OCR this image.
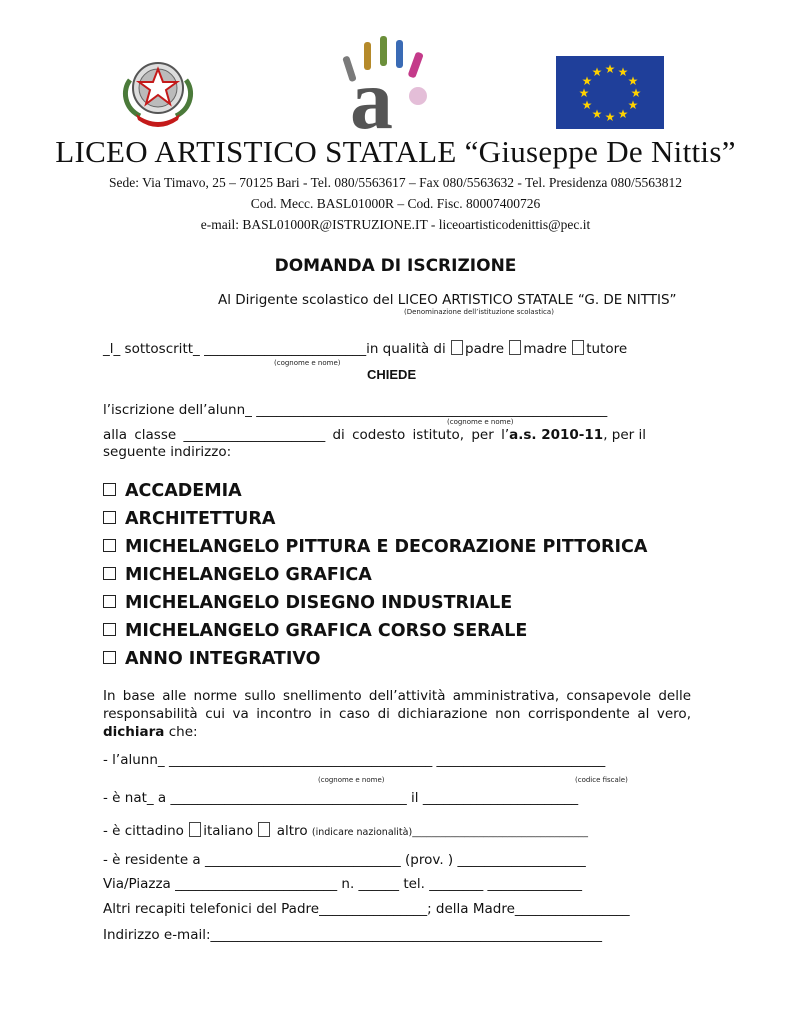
a	★ ★
★
★
★
★
★
★
★
★
★
★
LICEO ARTISTICO STATALE “Giuseppe De Nittis”
Sede: Via Timavo, 25 – 70125 Bari - Tel. 080/5563617 – Fax 080/5563632 - Tel. Presidenza 080/5563812
Cod. Mecc. BASL01000R – Cod. Fisc. 80007400726
e-mail: BASL01000R@ISTRUZIONE.IT - liceoartisticodenittis@pec.it
DOMANDA DI ISCRIZIONE
Al Dirigente scolastico del LICEO ARTISTICO STATALE “G. DE NITTIS”
(Denominazione dell’istituzione scolastica)
_l_ sottoscritt_ ________________________in qualità di padre madre tutore
(cognome e nome)
CHIEDE
l’iscrizione dell’alunn_ ____________________________________________________
(cognome e nome)
alla classe _____________________ di codesto istituto, per l’a.s. 2010-11, per il
seguente indirizzo:
ACCADEMIA
ARCHITETTURA
MICHELANGELO PITTURA E DECORAZIONE PITTORICA
MICHELANGELO GRAFICA
MICHELANGELO DISEGNO INDUSTRIALE
MICHELANGELO GRAFICA CORSO SERALE
ANNO INTEGRATIVO
In base alle norme sullo snellimento dell’attività amministrativa, consapevole delle responsabilità cui va incontro in caso di dichiarazione non corrispondente al vero, dichiara che:
- l’alunn_ _______________________________________ _________________________
(cognome e nome)	(codice fiscale)
- è nat_ a ___________________________________ il _______________________
- è cittadino italiano  altro (indicare nazionalità)_____________________________________
- è residente a _____________________________ (prov. ) ___________________
Via/Piazza ________________________ n. ______ tel. ________ ______________
Altri recapiti telefonici del Padre________________; della Madre_________________
Indirizzo e-mail:__________________________________________________________
